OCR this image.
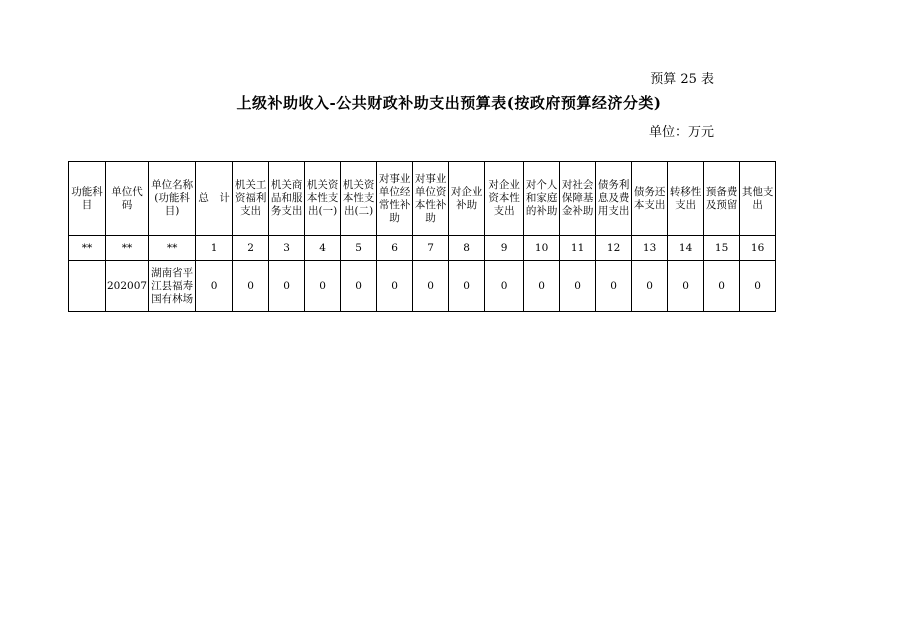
预算 25 表
上级补助收入-公共财政补助支出预算表(按政府预算经济分类)
单位：万元
功能科目	单位代码	单位名称(功能科目)	总　计	机关工资福利支出	机关商品和服务支出	机关资本性支出(一)	机关资本性支出(二)	对事业单位经常性补助	对事业单位资本性补助	对企业补助	对企业资本性支出	对个人和家庭的补助	对社会保障基金补助	债务利息及费用支出	债务还本支出	转移性支出	预备费及预留	其他支出
**	**	**	1	2	3	4	5	6	7	8	9	10	11	12	13	14	15	16
	202007	湖南省平江县福寿国有林场	0	0	0	0	0	0	0	0	0	0	0	0	0	0	0	0
